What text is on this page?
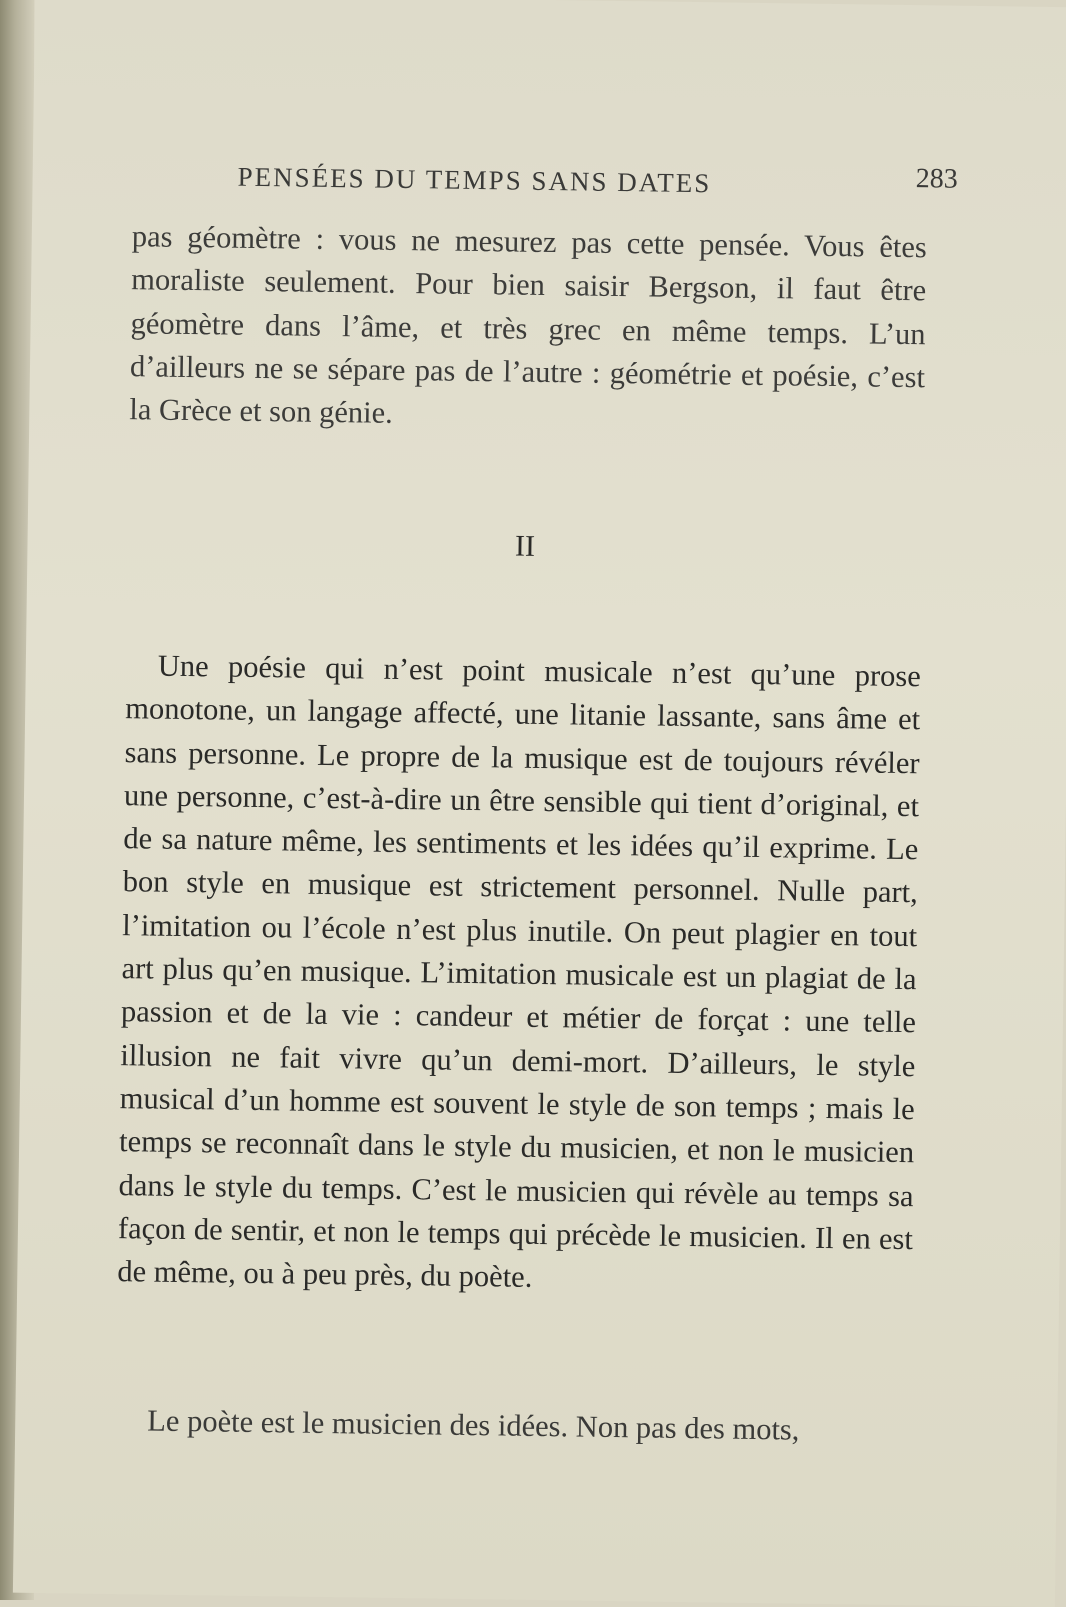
PENSÉES DU TEMPS SANS DATES	283
pas géomètre : vous ne mesurez pas cette pensée. Vous êtes moraliste seulement. Pour bien saisir Bergson, il faut être géomètre dans l’âme, et très grec en même temps. L’un d’ailleurs ne se sépare pas de l’autre : géométrie et poésie, c’est la Grèce et son génie.
II
Une poésie qui n’est point musicale n’est qu’une prose monotone, un langage affecté, une litanie lassante, sans âme et sans personne. Le propre de la musique est de toujours révéler une personne, c’est-à-dire un être sensible qui tient d’original, et de sa nature même, les sentiments et les idées qu’il exprime. Le bon style en musique est strictement personnel. Nulle part, l’imitation ou l’école n’est plus inutile. On peut plagier en tout art plus qu’en musique. L’imitation musicale est un plagiat de la passion et de la vie : candeur et métier de forçat : une telle illusion ne fait vivre qu’un demi-mort. D’ailleurs, le style musical d’un homme est souvent le style de son temps ; mais le temps se reconnaît dans le style du musicien, et non le musicien dans le style du temps. C’est le musicien qui révèle au temps sa façon de sentir, et non le temps qui précède le musicien. Il en est de même, ou à peu près, du poète.
Le poète est le musicien des idées. Non pas des mots,
